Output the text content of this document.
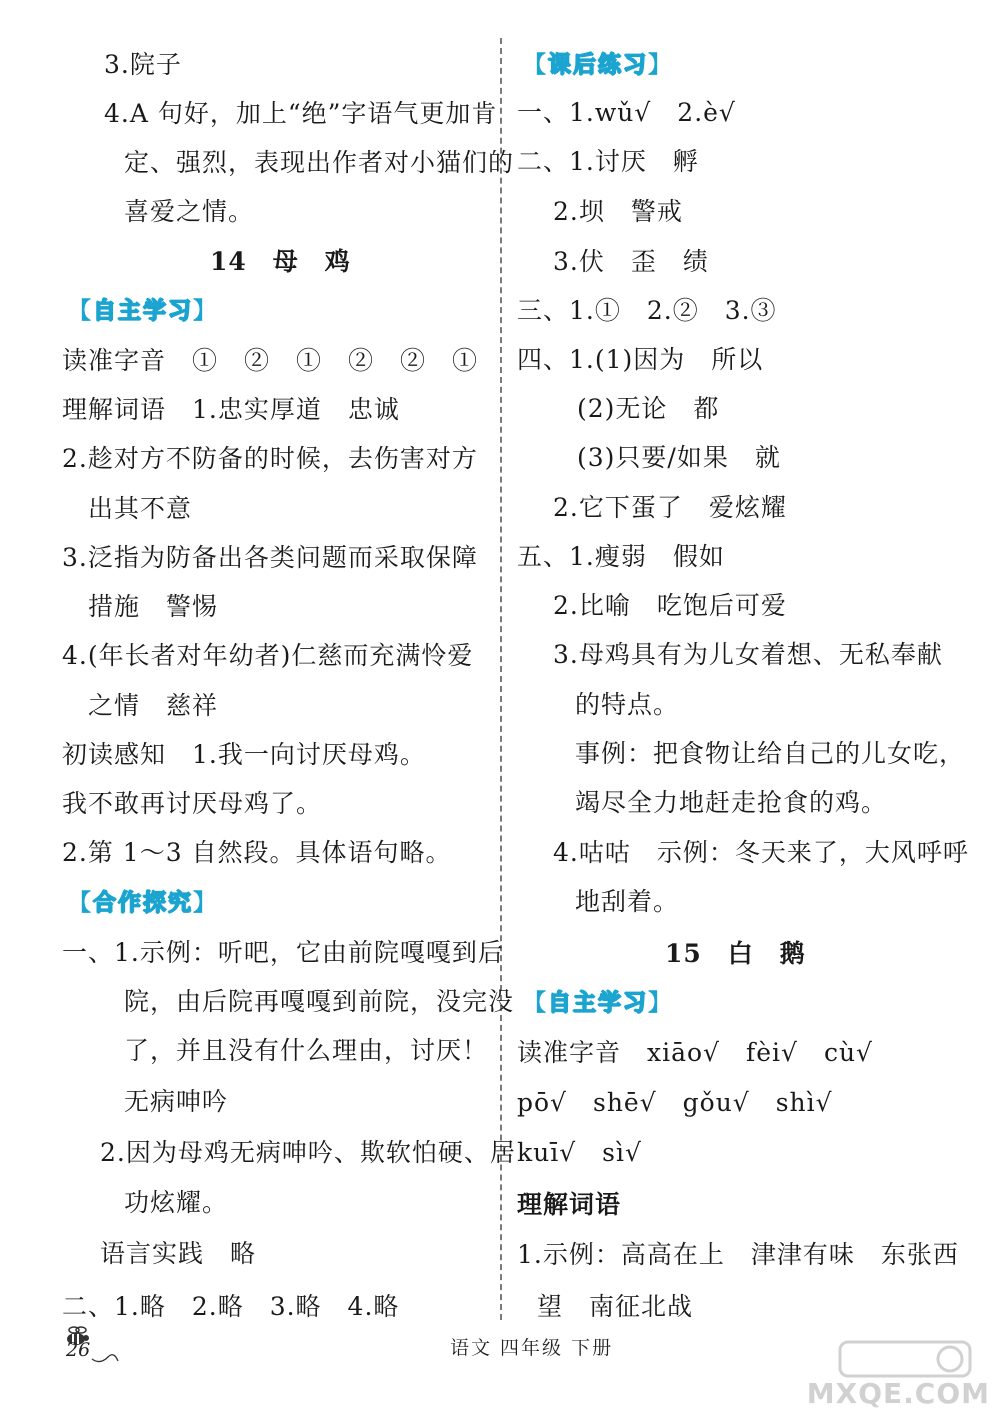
3.院子
4.A 句好，加上“绝”字语气更加肯
定、强烈，表现出作者对小猫们的
喜爱之情。
14　母　鸡
【自主学习】
读准字音　①　②　①　②　②　①
理解词语　1.忠实厚道　忠诚
2.趁对方不防备的时候，去伤害对方
　出其不意
3.泛指为防备出各类问题而采取保障
　措施　警惕
4.(年长者对年幼者)仁慈而充满怜爱
　之情　慈祥
初读感知　1.我一向讨厌母鸡。
我不敢再讨厌母鸡了。
2.第 1～3 自然段。具体语句略。
【合作探究】
一、1.示例：听吧，它由前院嘎嘎到后
院，由后院再嘎嘎到前院，没完没
了，并且没有什么理由，讨厌！
无病呻吟
2.因为母鸡无病呻吟、欺软怕硬、居
功炫耀。
语言实践　略
二、1.略　2.略　3.略　4.略
【课后练习】
一、1.wǔ√　2.è√
二、1.讨厌　孵
2.坝　警戒
3.伏　歪　绩
三、1.①　2.②　3.③
四、1.(1)因为　所以
(2)无论　都
(3)只要/如果　就
2.它下蛋了　爱炫耀
五、1.瘦弱　假如
2.比喻　吃饱后可爱
3.母鸡具有为儿女着想、无私奉献
的特点。
事例：把食物让给自己的儿女吃，
竭尽全力地赶走抢食的鸡。
4.咕咕　示例：冬天来了，大风呼呼
地刮着。
15　白　鹅
【自主学习】
读准字音　xiāo√　fèi√　cù√
pō√　shē√　gǒu√　shì√
kuī√　sì√
理解词语
1.示例：高高在上　津津有味　东张西
望　南征北战
26	语文 四年级 下册
MXQE.COM
